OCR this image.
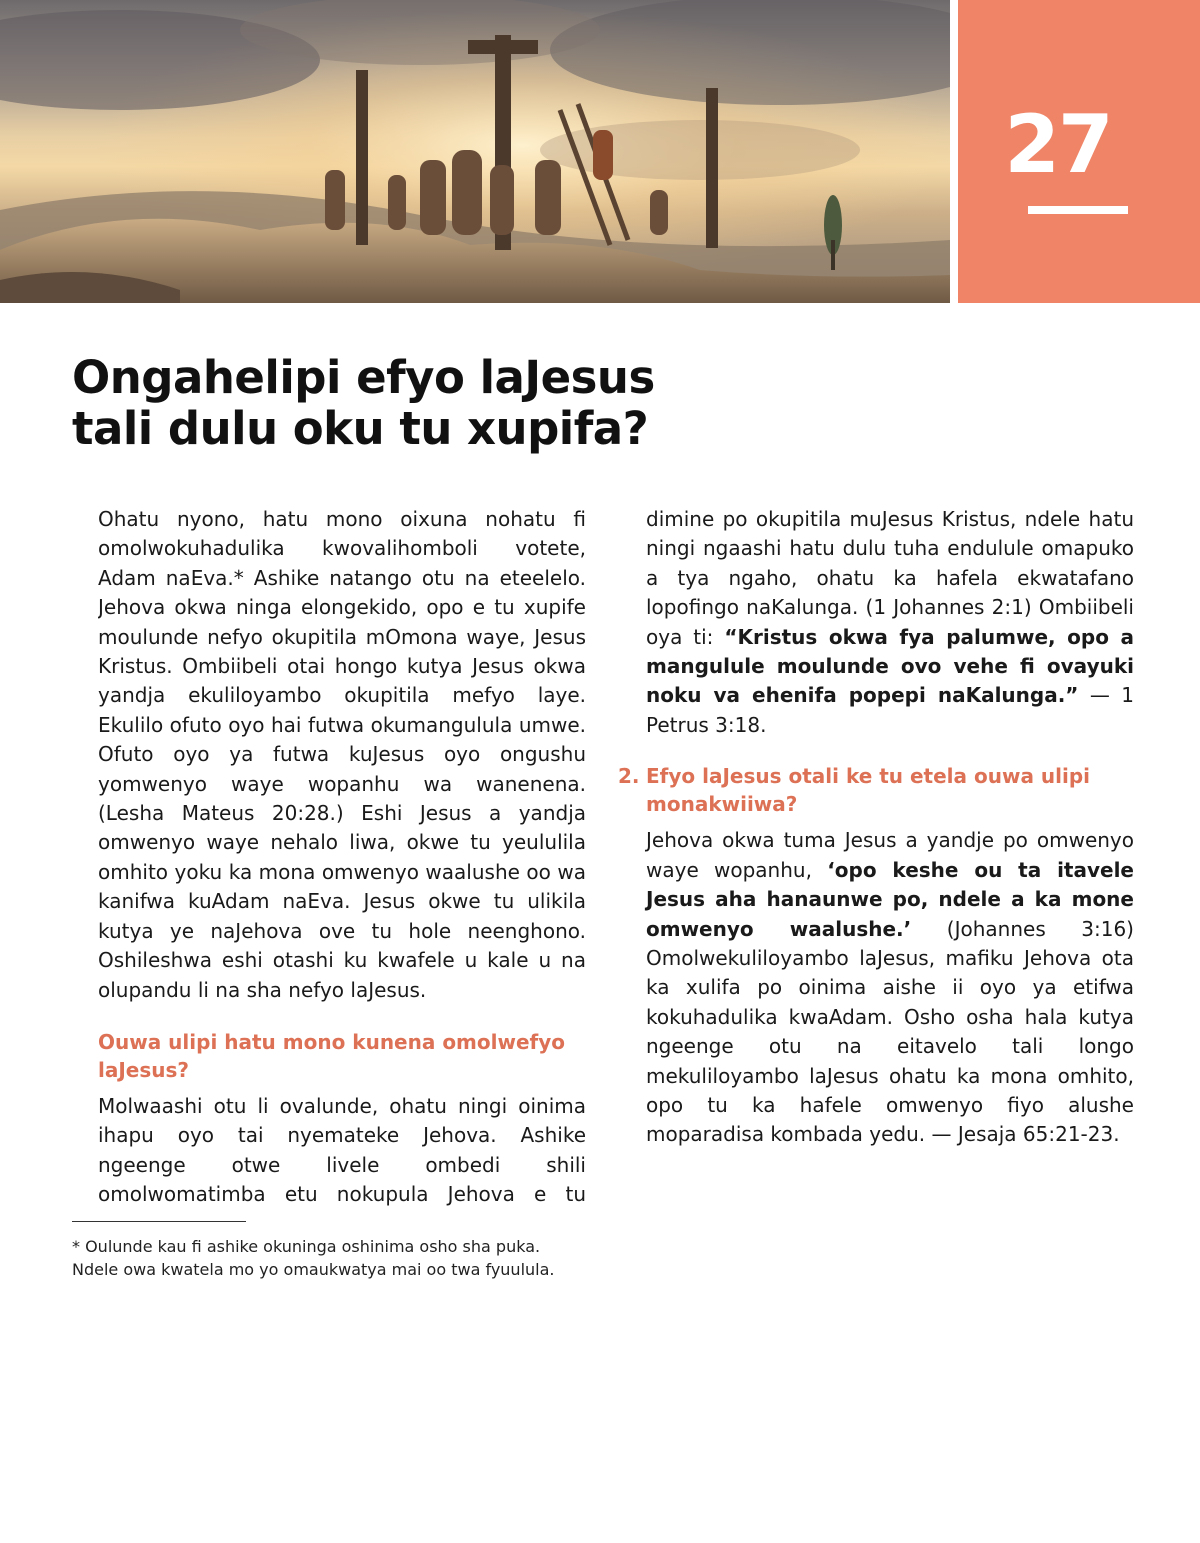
27
Ongahelipi efyo laJesus
tali dulu oku tu xupifa?

Ohatu nyono, hatu mono oixuna nohatu fi omolwokuhadulika kwovalihomboli votete, Adam naEva.* Ashike natango otu na eteelelo. Jehova okwa ninga elongekido, opo e tu xupife moulunde nefyo okupitila mOmona waye, Jesus Kristus. Ombiibeli otai hongo kutya Jesus okwa yandja ekuliloyambo okupitila mefyo laye. Ekulilo ofuto oyo hai futwa okumangulula umwe. Ofuto oyo ya futwa kuJesus oyo ongushu yomwenyo waye wopanhu wa wanenena. (Lesha Mateus 20:28.) Eshi Jesus a yandja omwenyo waye nehalo liwa, okwe tu yeululila omhito yoku ka mona omwenyo waalushe oo wa kanifwa kuAdam naEva. Jesus okwe tu ulikila kutya ye naJehova ove tu hole neenghono. Oshileshwa eshi otashi ku kwafele u kale u na olupandu li na sha nefyo laJesus.

Ouwa ulipi hatu mono kunena omolwefyo laJesus?

Molwaashi otu li ovalunde, ohatu ningi oinima ihapu oyo tai nyemateke Jehova. Ashike ngeenge otwe livele ombedi shili omolwomatimba etu nokupula Jehova e tu

dimine po okupitila muJesus Kristus, ndele hatu ningi ngaashi hatu dulu tuha endulule omapuko a tya ngaho, ohatu ka hafela ekwatafano lopofingo naKalunga. (1 Johannes 2:1) Ombiibeli oya ti: “Kristus okwa fya palumwe, opo a mangulule moulunde ovo vehe fi ovayuki noku va ehenifa popepi naKalunga.” — 1 Petrus 3:18.

2. Efyo laJesus otali ke tu etela ouwa ulipi monakwiiwa?

Jehova okwa tuma Jesus a yandje po omwenyo waye wopanhu, ‘opo keshe ou ta itavele Jesus aha hanaunwe po, ndele a ka mone omwenyo waalushe.’ (Johannes 3:16) Omolwekuliloyambo laJesus, mafiku Jehova ota ka xulifa po oinima aishe ii oyo ya etifwa kokuhadulika kwaAdam. Osho osha hala kutya ngeenge otu na eitavelo tali longo mekuliloyambo laJesus ohatu ka mona omhito, opo tu ka hafele omwenyo fiyo alushe moparadisa kombada yedu. — Jesaja 65:21-23.

* Oulunde kau fi ashike okuninga oshinima osho sha puka.
Ndele owa kwatela mo yo omaukwatya mai oo twa fyuulula.
